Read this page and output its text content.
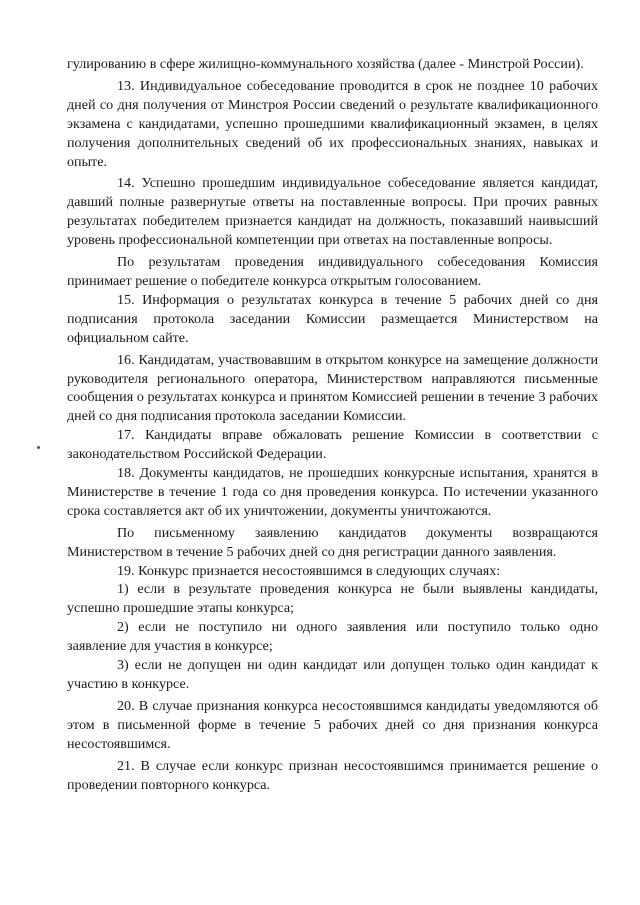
гулированию в сфере жилищно-коммунального хозяйства (далее - Минстрой России).

13. Индивидуальное собеседование проводится в срок не позднее 10 рабочих дней со дня получения от Минстроя России сведений о результате квалификационного экзамена с кандидатами, успешно прошедшими квалификационный экзамен, в целях получения дополнительных сведений об их профессиональных знаниях, навыках и опыте.

14. Успешно прошедшим индивидуальное собеседование является кандидат, давший полные развернутые ответы на поставленные вопросы. При прочих равных результатах победителем признается кандидат на должность, показавший наивысший уровень профессиональной компетенции при ответах на поставленные вопросы.

По результатам проведения индивидуального собеседования Комиссия принимает решение о победителе конкурса открытым голосованием.

15. Информация о результатах конкурса в течение 5 рабочих дней со дня подписания протокола заседании Комиссии размещается Министерством на официальном сайте.

16. Кандидатам, участвовавшим в открытом конкурсе на замещение должности руководителя регионального оператора, Министерством направляются письменные сообщения о результатах конкурса и принятом Комиссией решении в течение 3 рабочих дней со дня подписания протокола заседании Комиссии.

17. Кандидаты вправе обжаловать решение Комиссии в соответствии с законодательством Российской Федерации.

18. Документы кандидатов, не прошедших конкурсные испытания, хранятся в Министерстве в течение 1 года со дня проведения конкурса. По истечении указанного срока составляется акт об их уничтожении, документы уничтожаются.

По письменному заявлению кандидатов документы возвращаются Министерством в течение 5 рабочих дней со дня регистрации данного заявления.

19. Конкурс признается несостоявшимся в следующих случаях:

1) если в результате проведения конкурса не были выявлены кандидаты, успешно прошедшие этапы конкурса;

2) если не поступило ни одного заявления или поступило только одно заявление для участия в конкурсе;

3) если не допущен ни один кандидат или допущен только один кандидат к участию в конкурсе.

20. В случае признания конкурса несостоявшимся кандидаты уведомляются об этом в письменной форме в течение 5 рабочих дней со дня признания конкурса несостоявшимся.

21. В случае если конкурс признан несостоявшимся принимается решение о проведении повторного конкурса.
